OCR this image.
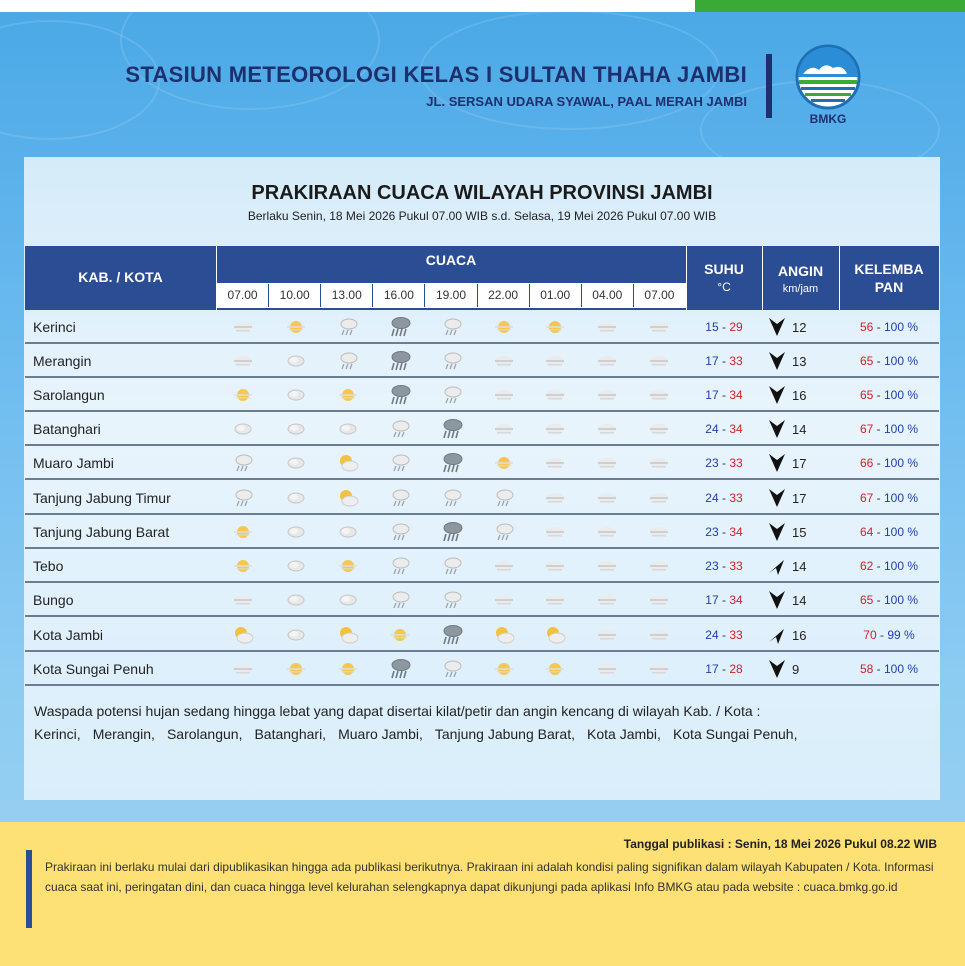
STASIUN METEOROLOGI KELAS I SULTAN THAHA JAMBI
JL. SERSAN UDARA SYAWAL, PAAL MERAH JAMBI
BMKG
PRAKIRAAN CUACA WILAYAH PROVINSI JAMBI
Berlaku Senin, 18 Mei 2026 Pukul 07.00 WIB s.d. Selasa, 19 Mei 2026 Pukul 07.00 WIB
KAB. / KOTA
CUACA
SUHU
°C
ANGIN
km/jam
KELEMBA
PAN
07.00	10.00	13.00	16.00	19.00	22.00	01.00	04.00	07.00
Kerinci	15 - 29	12	56 - 100 %
Merangin	17 - 33	13	65 - 100 %
Sarolangun	17 - 34	16	65 - 100 %
Batanghari	24 - 34	14	67 - 100 %
Muaro Jambi	23 - 33	17	66 - 100 %
Tanjung Jabung Timur	24 - 33	17	67 - 100 %
Tanjung Jabung Barat	23 - 34	15	64 - 100 %
Tebo	23 - 33	14	62 - 100 %
Bungo	17 - 34	14	65 - 100 %
Kota Jambi	24 - 33	16	70 - 99 %
Kota Sungai Penuh	17 - 28	9	58 - 100 %
Waspada potensi hujan sedang hingga lebat yang dapat disertai kilat/petir dan angin kencang di wilayah Kab. / Kota :
Kerinci, Merangin, Sarolangun, Batanghari, Muaro Jambi, Tanjung Jabung Barat, Kota Jambi, Kota Sungai Penuh,
Tanggal publikasi : Senin, 18 Mei 2026 Pukul 08.22 WIB
Prakiraan ini berlaku mulai dari dipublikasikan hingga ada publikasi berikutnya. Prakiraan ini adalah kondisi paling signifikan dalam wilayah Kabupaten / Kota. Informasi cuaca saat ini, peringatan dini, dan cuaca hingga level kelurahan selengkapnya dapat dikunjungi pada aplikasi Info BMKG atau pada website : cuaca.bmkg.go.id
